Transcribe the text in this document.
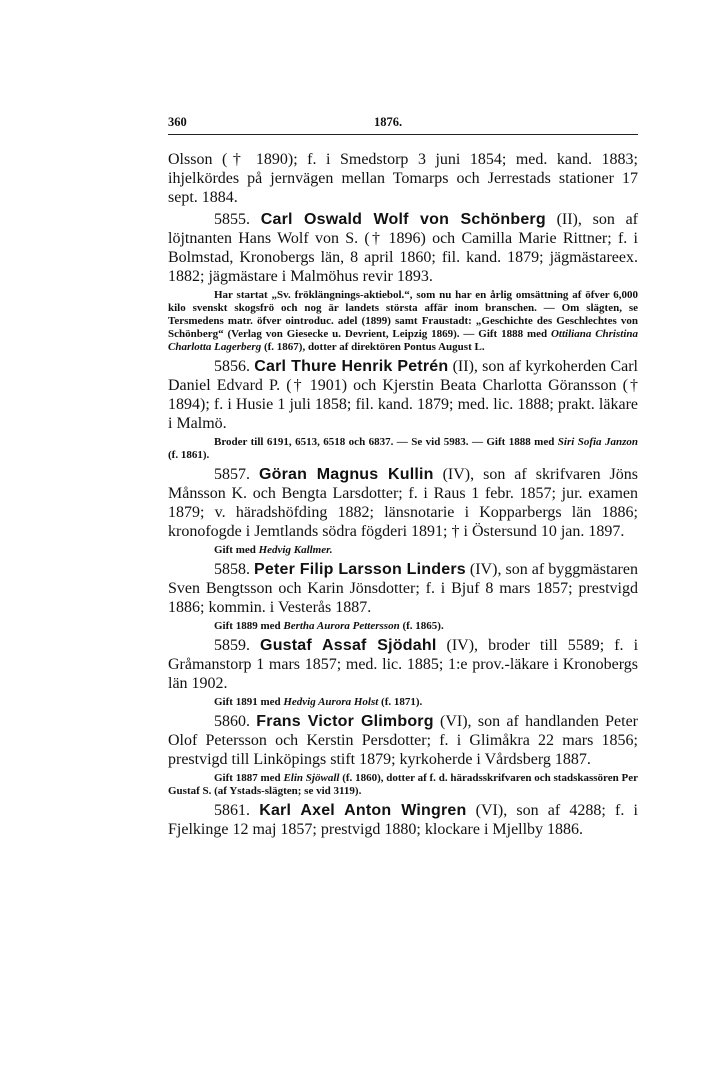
360	1876.

Olsson († 1890); f. i Smedstorp 3 juni 1854; med. kand. 1883; ihjelkördes på jernvägen mellan Tomarps och Jerrestads stationer 17 sept. 1884.

5855. Carl Oswald Wolf von Schönberg (II), son af löjtnanten Hans Wolf von S. († 1896) och Camilla Marie Rittner; f. i Bolmstad, Kronobergs län, 8 april 1860; fil. kand. 1879; jägmästareex. 1882; jägmästare i Malmöhus revir 1893.

Har startat „Sv. fröklängnings-aktiebol.“, som nu har en årlig omsättning af öfver 6,000 kilo svenskt skogsfrö och nog är landets största affär inom branschen. — Om slägten, se Tersmedens matr. öfver ointroduc. adel (1899) samt Fraustadt: „Geschichte des Geschlechtes von Schönberg“ (Verlag von Giesecke u. Devrient, Leipzig 1869). — Gift 1888 med Ottiliana Christina Charlotta Lagerberg (f. 1867), dotter af direktören Pontus August L.

5856. Carl Thure Henrik Petrén (II), son af kyrkoherden Carl Daniel Edvard P. († 1901) och Kjerstin Beata Charlotta Göransson († 1894); f. i Husie 1 juli 1858; fil. kand. 1879; med. lic. 1888; prakt. läkare i Malmö.

Broder till 6191, 6513, 6518 och 6837. — Se vid 5983. — Gift 1888 med Siri Sofia Janzon (f. 1861).

5857. Göran Magnus Kullin (IV), son af skrifvaren Jöns Månsson K. och Bengta Larsdotter; f. i Raus 1 febr. 1857; jur. examen 1879; v. häradshöfding 1882; länsnotarie i Kopparbergs län 1886; kronofogde i Jemtlands södra fögderi 1891; † i Östersund 10 jan. 1897.

Gift med Hedvig Kallmer.

5858. Peter Filip Larsson Linders (IV), son af byggmästaren Sven Bengtsson och Karin Jönsdotter; f. i Bjuf 8 mars 1857; prestvigd 1886; kommin. i Vesterås 1887.

Gift 1889 med Bertha Aurora Pettersson (f. 1865).

5859. Gustaf Assaf Sjödahl (IV), broder till 5589; f. i Gråmanstorp 1 mars 1857; med. lic. 1885; 1:e prov.-läkare i Kronobergs län 1902.

Gift 1891 med Hedvig Aurora Holst (f. 1871).

5860. Frans Victor Glimborg (VI), son af handlanden Peter Olof Petersson och Kerstin Persdotter; f. i Glimåkra 22 mars 1856; prestvigd till Linköpings stift 1879; kyrkoherde i Vårdsberg 1887.

Gift 1887 med Elin Sjöwall (f. 1860), dotter af f. d. häradsskrifvaren och stadskassören Per Gustaf S. (af Ystads-slägten; se vid 3119).

5861. Karl Axel Anton Wingren (VI), son af 4288; f. i Fjelkinge 12 maj 1857; prestvigd 1880; klockare i Mjellby 1886.
